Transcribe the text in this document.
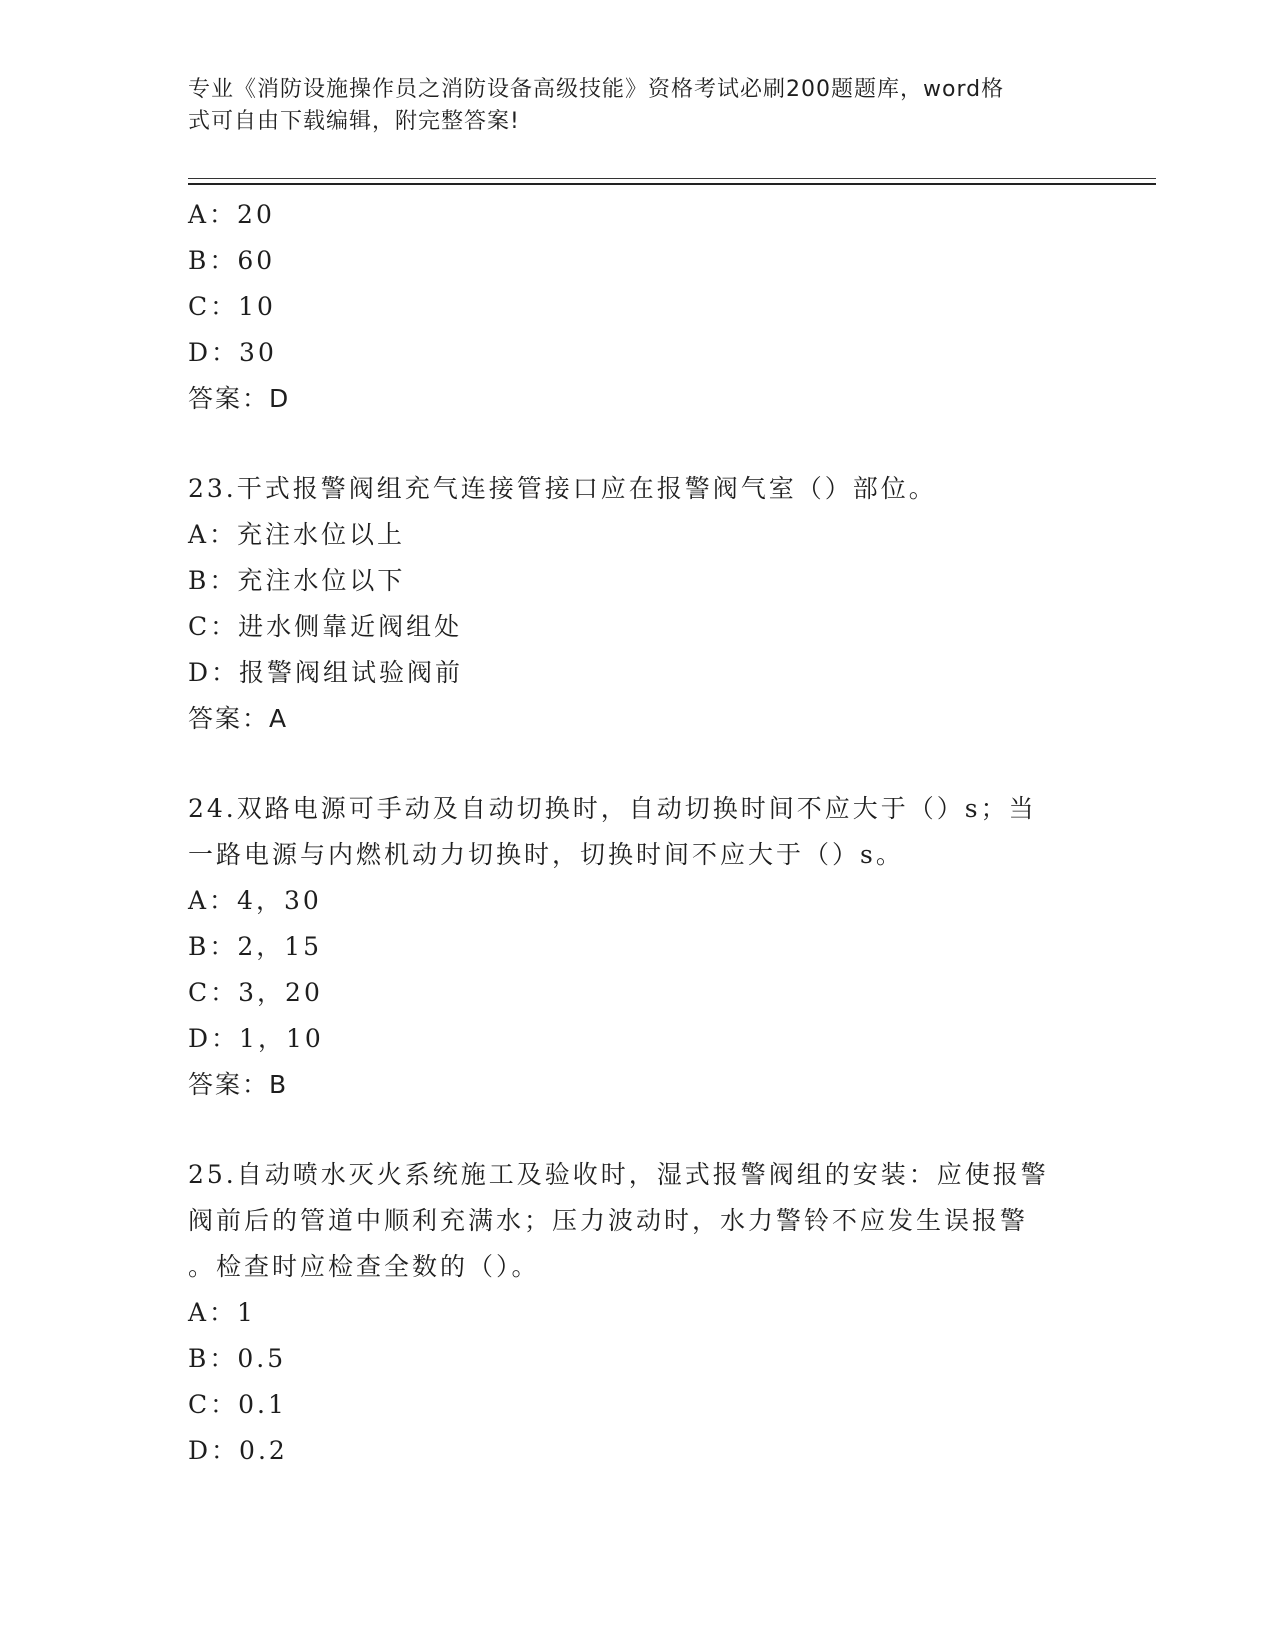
专业《消防设施操作员之消防设备高级技能》资格考试必刷200题题库，word格
式可自由下载编辑，附完整答案!
A：20
B：60
C：10
D：30
答案：D
23.干式报警阀组充气连接管接口应在报警阀气室（）部位。
A：充注水位以上
B：充注水位以下
C：进水侧靠近阀组处
D：报警阀组试验阀前
答案：A
24.双路电源可手动及自动切换时，自动切换时间不应大于（）s；当
一路电源与内燃机动力切换时，切换时间不应大于（）s。
A：4，30
B：2，15
C：3，20
D：1，10
答案：B
25.自动喷水灭火系统施工及验收时，湿式报警阀组的安装：应使报警
阀前后的管道中顺利充满水；压力波动时，水力警铃不应发生误报警
。检查时应检查全数的（）。
A：1
B：0.5
C：0.1
D：0.2
